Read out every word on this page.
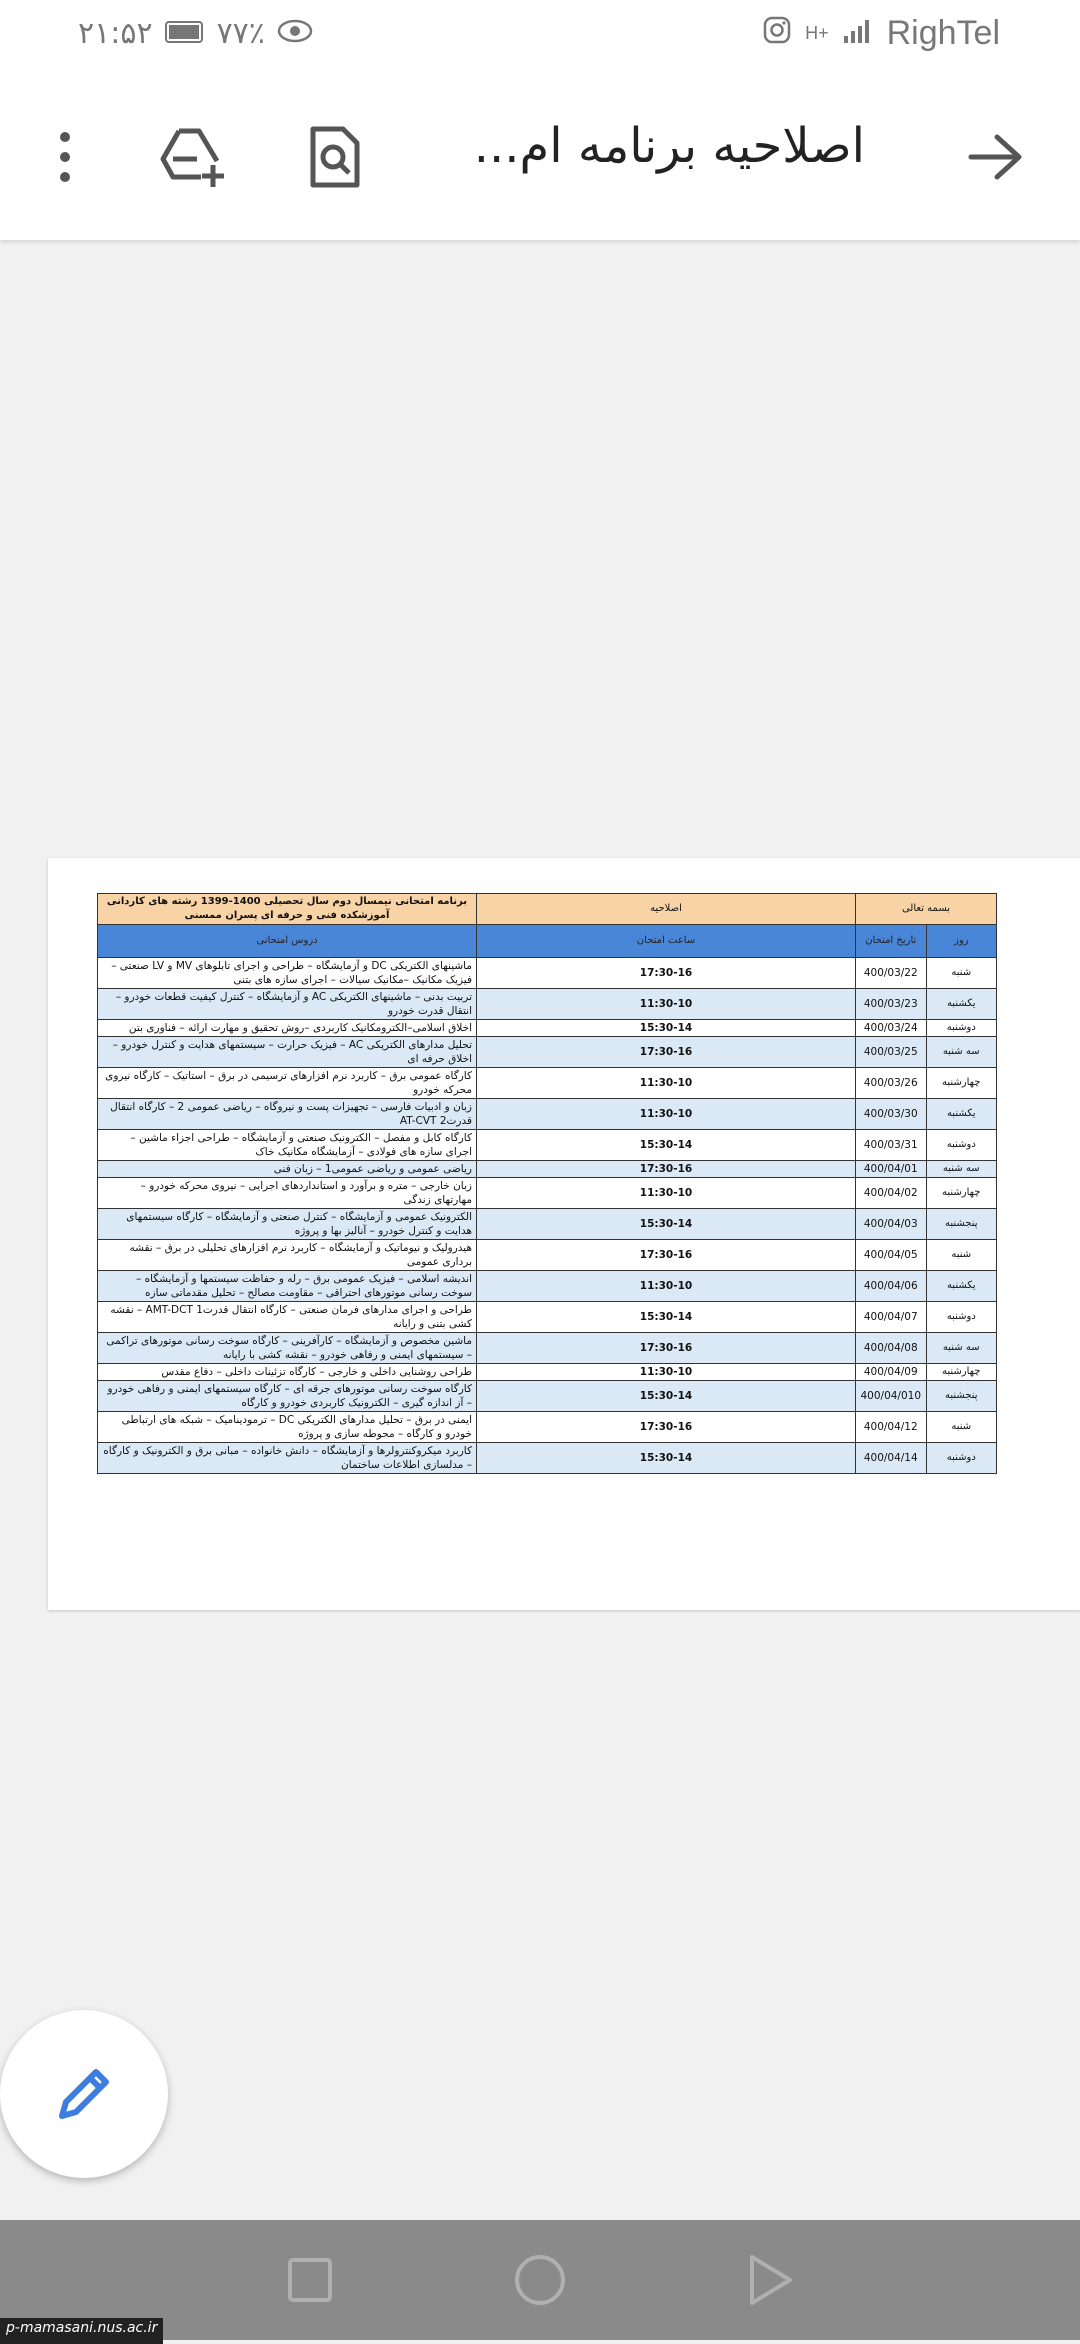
۲۱:۵۲ ۷۷٪	H+ RighTel
اصلاحیه برنامه ام...
بسمه تعالی		اصلاحیه	برنامه امتحانی نیمسال دوم سال تحصیلی 1400-1399 رشته های کاردانی آموزشکده فنی و حرفه ای پسران ممسنی
روز	تاریخ امتحان	ساعت امتحان	دروس امتحانی
شنبه	400/03/22	17:30-16	ماشینهای الکتریکی DC و آزمایشگاه – طراحی و اجرای تابلوهای MV و LV صنعتی – فیزیک مکانیک –مکانیک سیالات – اجرای سازه های بتنی
یکشنبه	400/03/23	11:30-10	تربیت بدنی – ماشینهای الکتریکی AC و آزمایشگاه – کنترل کیفیت قطعات خودرو – انتقال قدرت خودرو
دوشنبه	400/03/24	15:30-14	اخلاق اسلامی–الکترومکانیک کاربردی –روش تحقیق و مهارت ارائه – فناوری بتن
سه شنبه	400/03/25	17:30-16	تحلیل مدارهای الکتریکی AC – فیزیک حرارت – سیستمهای هدایت و کنترل خودرو – اخلاق حرفه ای
چهارشنبه	400/03/26	11:30-10	کارگاه عمومی برق – کاربرد نرم افزارهای ترسیمی در برق – استاتیک – کارگاه نیروی محرکه خودرو
یکشنبه	400/03/30	11:30-10	زبان و ادبیات فارسی – تجهیزات پست و نیروگاه – ریاضی عمومی 2 – کارگاه انتقال قدرت2 AT-CVT
دوشنبه	400/03/31	15:30-14	کارگاه کابل و مفصل – الکترونیک صنعتی و آزمایشگاه – طراحی اجزاء ماشین – اجرای سازه های فولادی – آزمایشگاه مکانیک خاک
سه شنبه	400/04/01	17:30-16	ریاضی عمومی و ریاضی عمومی1 – زبان فنی
چهارشنبه	400/04/02	11:30-10	زبان خارجی – متره و برآورد و استانداردهای اجرایی – نیروی محرکه خودرو – مهارتهای زندگی
پنجشنبه	400/04/03	15:30-14	الکترونیک عمومی و آزمایشگاه – کنترل صنعتی و آزمایشگاه – کارگاه سیستمهای هدایت و کنترل خودرو – آنالیز بها و پروژه
شنبه	400/04/05	17:30-16	هیدرولیک و نیوماتیک و آزمایشگاه – کاربرد نرم افزارهای تحلیلی در برق – نقشه برداری عمومی
یکشنبه	400/04/06	11:30-10	اندیشه اسلامی – فیزیک عمومی برق – رله و حفاظت سیستمها و آزمایشگاه – سوخت رسانی موتورهای احتراقی – مقاومت مصالح – تحلیل مقدماتی سازه
دوشنبه	400/04/07	15:30-14	طراحی و اجرای مدارهای فرمان صنعتی – کارگاه انتقال قدرت1 AMT-DCT – نقشه کشی بتنی و رایانه
سه شنبه	400/04/08	17:30-16	ماشین مخصوص و آزمایشگاه – کارآفرینی – کارگاه سوخت رسانی موتورهای تراکمی – سیستمهای ایمنی و رفاهی خودرو – نقشه کشی با رایانه
چهارشنبه	400/04/09	11:30-10	طراحی روشنایی داخلی و خارجی – کارگاه تزئینات داخلی – دفاع مقدس
پنجشنبه	400/04/010	15:30-14	کارگاه سوخت رسانی موتورهای جرقه ای – کارگاه سیستمهای ایمنی و رفاهی خودرو – آز اندازه گیری – الکترونیک کاربردی خودرو و کارگاه
شنبه	400/04/12	17:30-16	ایمنی در برق – تحلیل مدارهای الکتریکی DC – ترمودینامیک – شبکه های ارتباطی خودرو و کارگاه – محوطه سازی و پروژه
دوشنبه	400/04/14	15:30-14	کاربرد میکروکنترولرها و آزمایشگاه – دانش خانواده – مبانی برق و الکترونیک و کارگاه – مدلسازی اطلاعات ساختمان
p-mamasani.nus.ac.ir
